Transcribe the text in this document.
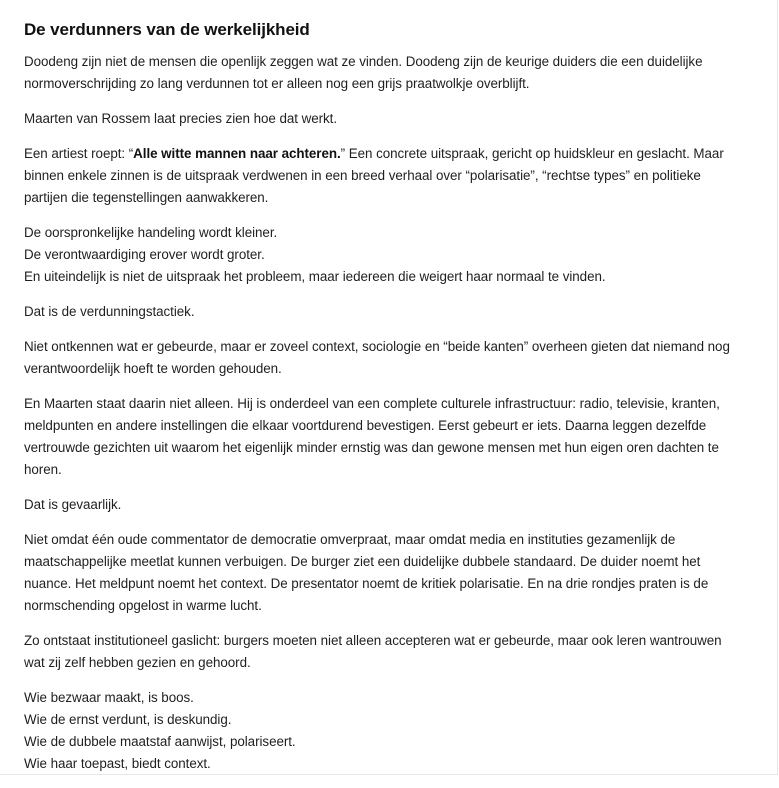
De verdunners van de werkelijkheid

Doodeng zijn niet de mensen die openlijk zeggen wat ze vinden. Doodeng zijn de keurige duiders die een duidelijke normoverschrijding zo lang verdunnen tot er alleen nog een grijs praatwolkje overblijft.

Maarten van Rossem laat precies zien hoe dat werkt.

Een artiest roept: “Alle witte mannen naar achteren.” Een concrete uitspraak, gericht op huidskleur en geslacht. Maar binnen enkele zinnen is de uitspraak verdwenen in een breed verhaal over “polarisatie”, “rechtse types” en politieke partijen die tegenstellingen aanwakkeren.

De oorspronkelijke handeling wordt kleiner.
De verontwaardiging erover wordt groter.
En uiteindelijk is niet de uitspraak het probleem, maar iedereen die weigert haar normaal te vinden.

Dat is de verdunningstactiek.

Niet ontkennen wat er gebeurde, maar er zoveel context, sociologie en “beide kanten” overheen gieten dat niemand nog verantwoordelijk hoeft te worden gehouden.

En Maarten staat daarin niet alleen. Hij is onderdeel van een complete culturele infrastructuur: radio, televisie, kranten, meldpunten en andere instellingen die elkaar voortdurend bevestigen. Eerst gebeurt er iets. Daarna leggen dezelfde vertrouwde gezichten uit waarom het eigenlijk minder ernstig was dan gewone mensen met hun eigen oren dachten te horen.

Dat is gevaarlijk.

Niet omdat één oude commentator de democratie omverpraat, maar omdat media en instituties gezamenlijk de maatschappelijke meetlat kunnen verbuigen. De burger ziet een duidelijke dubbele standaard. De duider noemt het nuance. Het meldpunt noemt het context. De presentator noemt de kritiek polarisatie. En na drie rondjes praten is de normschending opgelost in warme lucht.

Zo ontstaat institutioneel gaslicht: burgers moeten niet alleen accepteren wat er gebeurde, maar ook leren wantrouwen wat zij zelf hebben gezien en gehoord.

Wie bezwaar maakt, is boos.
Wie de ernst verdunt, is deskundig.
Wie de dubbele maatstaf aanwijst, polariseert.
Wie haar toepast, biedt context.
